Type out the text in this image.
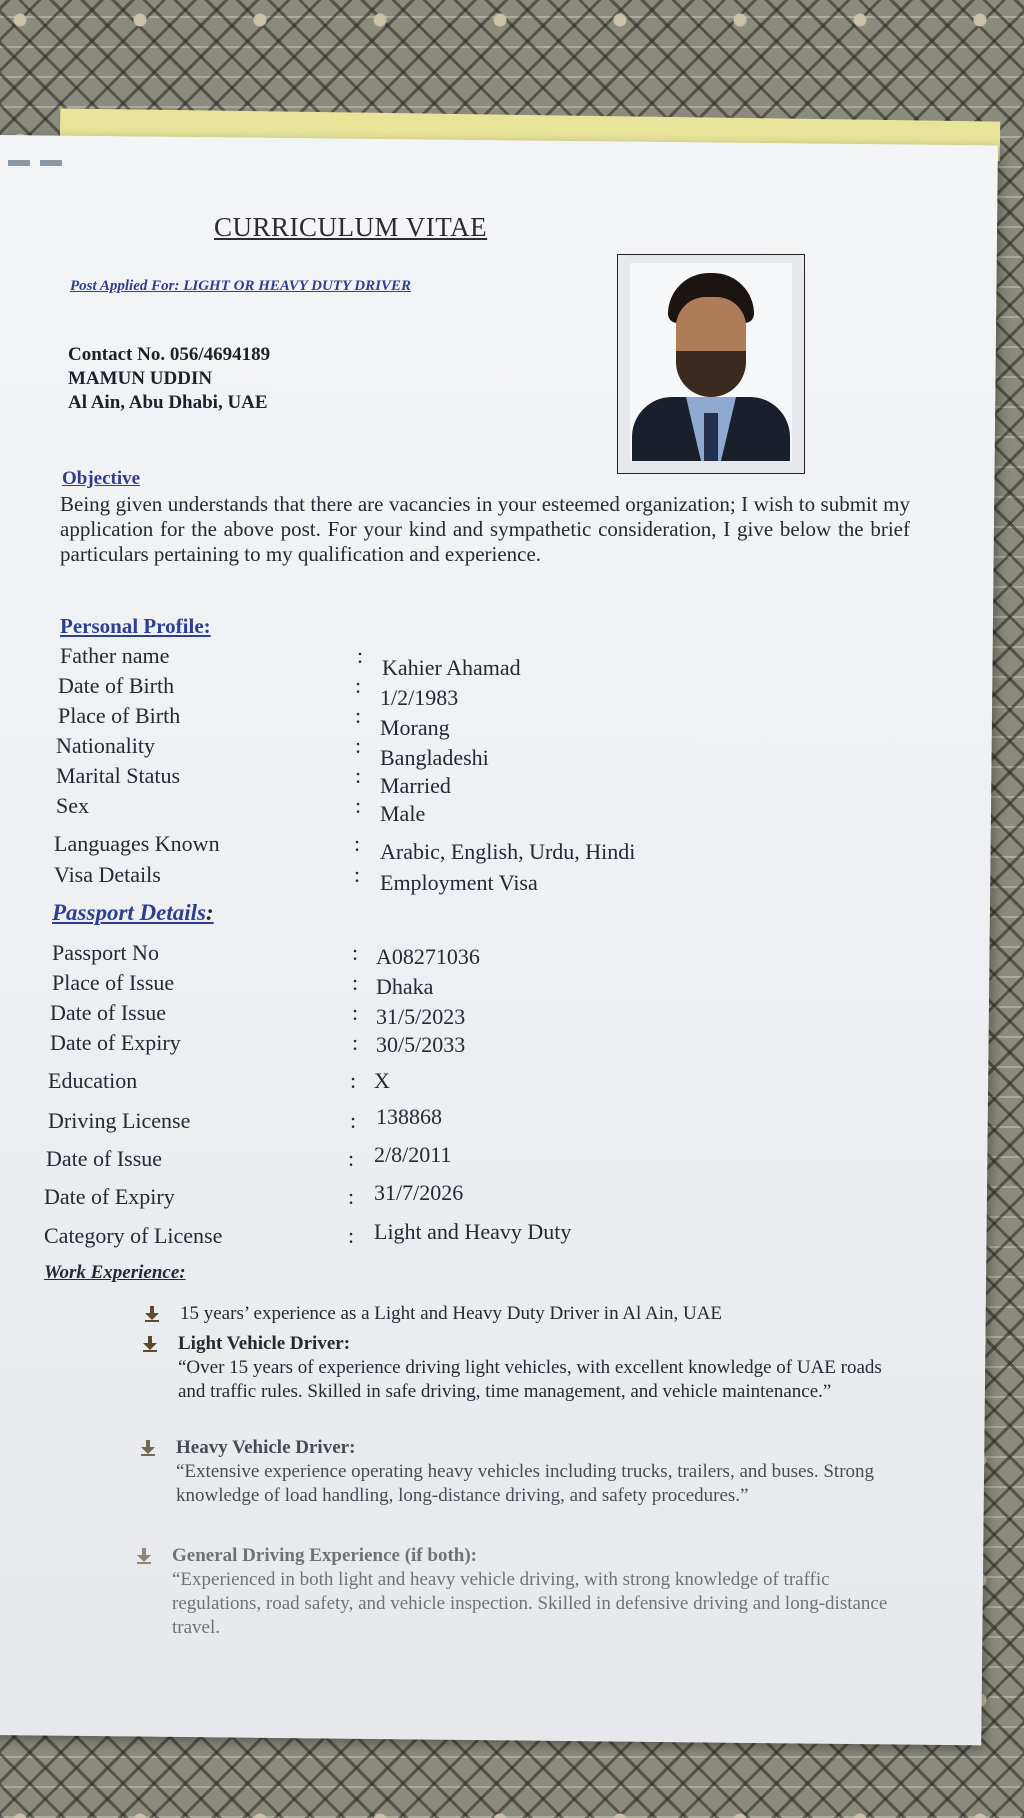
CURRICULUM VITAE
Post Applied For: LIGHT OR HEAVY DUTY DRIVER
Contact No. 056/4694189
MAMUN UDDIN
Al Ain, Abu Dhabi, UAE
Objective
Being given understands that there are vacancies in your esteemed organization; I wish to submit my application for the above post. For your kind and sympathetic consideration, I give below the brief particulars pertaining to my qualification and experience.
Personal Profile:
Father name	: Kahier Ahamad
Date of Birth	: 1/2/1983
Place of Birth	: Morang
Nationality	: Bangladeshi
Marital Status	: Married
Sex	: Male
Languages Known	: Arabic, English, Urdu, Hindi
Visa Details	: Employment Visa
Passport Details:
Passport No	: A08271036
Place of Issue	: Dhaka
Date of Issue	: 31/5/2023
Date of Expiry	: 30/5/2033
Education	: X
Driving License	: 138868
Date of Issue	: 2/8/2011
Date of Expiry	: 31/7/2026
Category of License	: Light and Heavy Duty
Work Experience:
15 years’ experience as a Light and Heavy Duty Driver in Al Ain, UAE
Light Vehicle Driver:
“Over 15 years of experience driving light vehicles, with excellent knowledge of UAE roads and traffic rules. Skilled in safe driving, time management, and vehicle maintenance.”
Heavy Vehicle Driver:
“Extensive experience operating heavy vehicles including trucks, trailers, and buses. Strong knowledge of load handling, long-distance driving, and safety procedures.”
General Driving Experience (if both):
“Experienced in both light and heavy vehicle driving, with strong knowledge of traffic regulations, road safety, and vehicle inspection. Skilled in defensive driving and long-distance travel.
